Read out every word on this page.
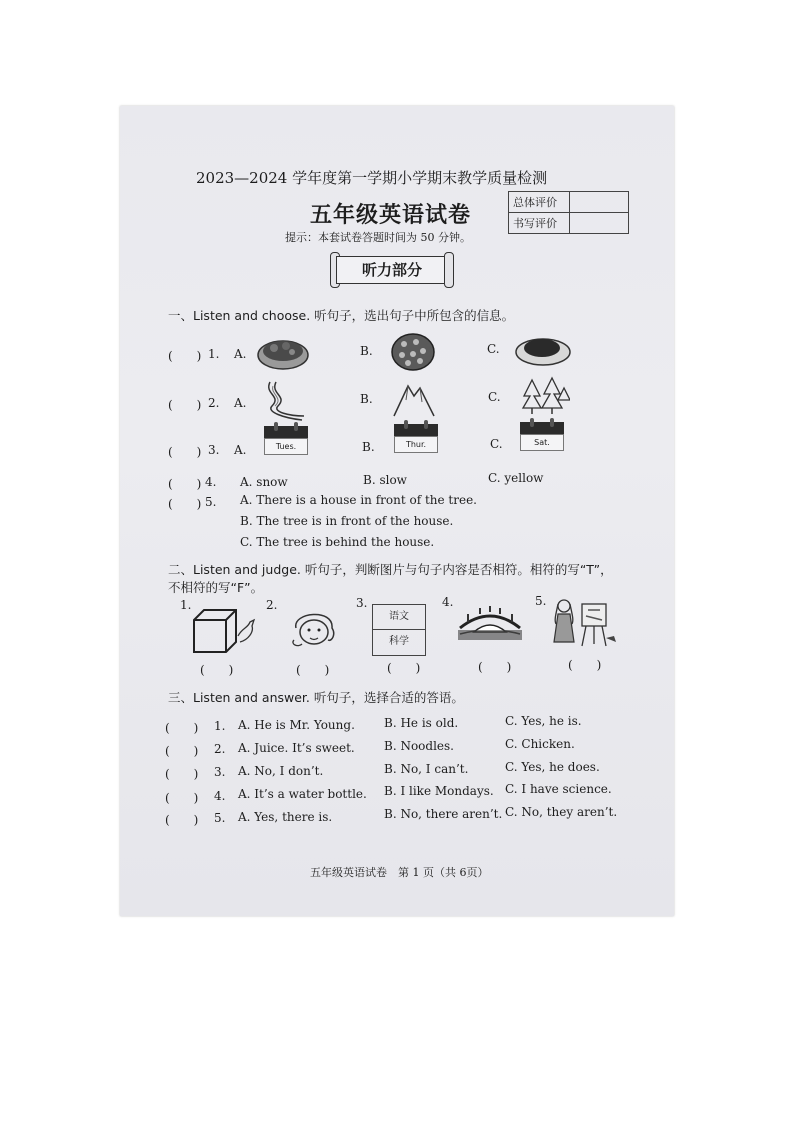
2023—2024 学年度第一学期小学期末教学质量检测
五年级英语试卷
提示：本套试卷答题时间为 50 分钟。
总体评价	
书写评价	
听力部分
一、Listen and choose. 听句子，选出句子中所包含的信息。
(　　) 1. A.	B.	C.
(　　) 2. A.	B.	C.
(　　) 3. A.	Tues.	B.	Thur.	C.	Sat.
(　　) 4. A. snow	B. slow	C. yellow
(　　) 5. A. There is a house in front of the tree.
B. The tree is in front of the house.
C. The tree is behind the house.
二、Listen and judge. 听句子，判断图片与句子内容是否相符。相符的写“T”，
不相符的写“F”。
1.	2.	3.
语文
科学
4.	5.
(　　)	(　　)	(　　)	(　　)	(　　)
三、Listen and answer. 听句子，选择合适的答语。
(　　) 1. A. He is Mr. Young. B. He is old.	C. Yes, he is.
(　　) 2. A. Juice. It’s sweet. B. Noodles.	C. Chicken.
(　　) 3. A. No, I don’t.	B. No, I can’t.	C. Yes, he does.
(　　) 4. A. It’s a water bottle. B. I like Mondays. C. I have science.
(　　) 5. A. Yes, there is.	B. No, there aren’t. C. No, they aren’t.
五年级英语试卷　第 1 页（共 6页）
